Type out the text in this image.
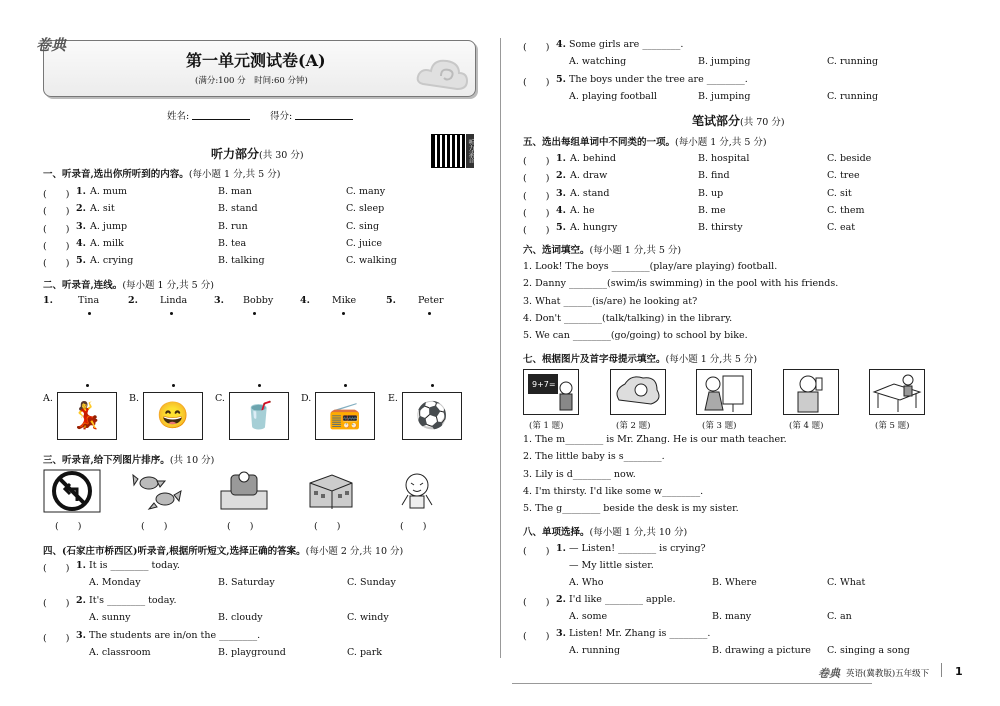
卷典
第一单元测试卷(A)
(满分:100 分　时间:60 分钟)
姓名:	得分:
听力录音
听力部分(共 30 分)
一、听录音,选出你所听到的内容。(每小题 1 分,共 5 分)
(　　) 1. A. mum	B. man	C. many
(　　) 2. A. sit	B. stand	C. sleep
(　　) 3. A. jump	B. run	C. sing
(　　) 4. A. milk	B. tea	C. juice
(　　) 5. A. crying	B. talking	C. walking
二、听录音,连线。(每小题 1 分,共 5 分)
1.	Tina	2. Linda	3. Bobby	4. Mike	5. Peter
A.
💃
B.
😄
C.
🥤
D.
📻
E.
⚽
三、听录音,给下列图片排序。(共 10 分)
(　　)	(　　)	(　　)	(　　)	(　　)
四、(石家庄市桥西区)听录音,根据所听短文,选择正确的答案。(每小题 2 分,共 10 分)
(　　) 1. It is ________ today.
A. Monday	B. Saturday	C. Sunday
(　　) 2. It's ________ today.
A. sunny	B. cloudy	C. windy
(　　) 3. The students are in/on the ________.
A. classroom	B. playground	C. park
(　　) 4. Some girls are ________.
A. watching	B. jumping	C. running
(　　) 5. The boys under the tree are ________.
A. playing football	B. jumping	C. running
笔试部分(共 70 分)
五、选出每组单词中不同类的一项。(每小题 1 分,共 5 分)
(　　) 1. A. behind	B. hospital	C. beside
(　　) 2. A. draw	B. find	C. tree
(　　) 3. A. stand	B. up	C. sit
(　　) 4. A. he	B. me	C. them
(　　) 5. A. hungry	B. thirsty	C. eat
六、选词填空。(每小题 1 分,共 5 分)
1. Look! The boys ________(play/are playing) football.
2. Danny ________(swim/is swimming) in the pool with his friends.
3. What ______(is/are) he looking at?
4. Don't ________(talk/talking) in the library.
5. We can ________(go/going) to school by bike.
七、根据图片及首字母提示填空。(每小题 1 分,共 5 分)
9+7=
(第 1 题)	(第 2 题)	(第 3 题)	(第 4 题)	(第 5 题)
1. The m________ is Mr. Zhang. He is our math teacher.
2. The little baby is s________.
3. Lily is d________ now.
4. I'm thirsty. I'd like some w________.
5. The g________ beside the desk is my sister.
八、单项选择。(每小题 1 分,共 10 分)
(　　) 1. — Listen! ________ is crying?
— My little sister.
A. Who	B. Where	C. What
(　　) 2. I'd like ________ apple.
A. some	B. many	C. an
(　　) 3. Listen! Mr. Zhang is ________.
A. running	B. drawing a picture C. singing a song
卷典 英语(冀教版)五年级下 1
